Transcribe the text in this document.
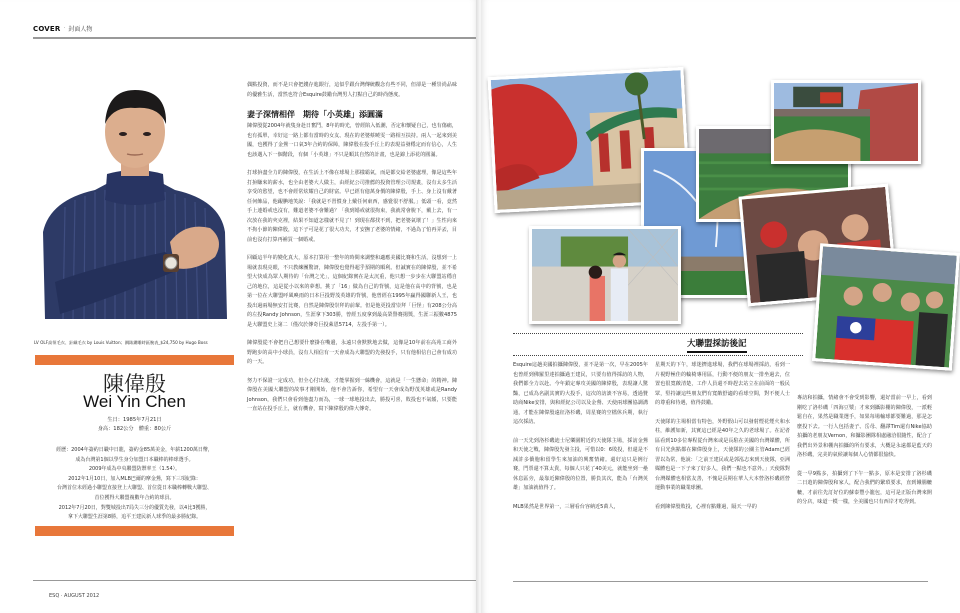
COVER · 封面人物
LV OLF高領毛衣、針織毛衣 by Louis Vuitton；鋼錶鏤雕時區腕表_$24,750 by Hugo Boss
陳偉殷
Wei Yin Chen
生日：1985年7月21日
身高：182公分　體重：80公斤
經歷：2004年簽約日職中日龍，簽約金85萬美金，年薪1200萬日幣，
成為台灣第1個以學生身分加盟日本職棒的棒球選手。
2009年成為中央聯盟防禦率王（1.54）。
2012年1月10日，加入MLB巴爾的摩金鶯，寫下三項紀錄：
台灣首位未經過小聯盟直接登上大聯盟、首位從日本職棒轉戰大聯盟、
首位獲得大聯盟複數年合約的球員。
2012年7月20日，對雙城投出7局失三分的優質先發，以4比3獲勝，
拿下大聯盟生涯第8勝，追平王建民新人球季的最多勝紀錄。

偶點投資，而不是只會把錢存進銀行，這似乎跟台灣傳統觀念有些不同，但卻是一種崇尚品味的優雅生活，當然也符合Esquire鼓勵台灣男人打點自己的時尚態度。

妻子深情相伴　期待「小英雄」添圓滿

陳偉殷從2004年就隻身赴日奮鬥，8年的時光，曾經陷入低潮，否定和懷疑自己，也有傷痛，也有孤單，幸好這一路上都有當時的女友、現在的老婆蔡曉雯一路相互扶持。兩人一起來到美國，也獲得了金鶯一口氣3年合約的保障，陳偉殷在投手丘上的表現益發穩定而有信心，人生也該邁入下一個階段，有個「小英雄」不只是順其自然的計畫，也是錦上添花的圓滿。

打球拚盡全力的陳偉殷，在生活上不像在球場上那樣霸氣，而是都交給老婆處理，像是這些年打拚賺來的薪水，也全由老婆大人做主，由經紀公司推薦的投資管理公司規畫，沒有太多生活享受的慾望，也不會經常炫耀自己的財富。早已經有億萬身價的陳偉殷，手上、身上沒有戴著任何飾品，他靦腆地笑說：「我就是不習慣身上戴任何東西，感覺很不舒服。」低頭一看，竟然手上連婚戒也沒有，難道老婆不會難過？「我到婚戒就很拘束，我就常會脫下，戴上去，有一次放在我的夾克裡，結果不知道怎樣就不見了！到現在都找不到，把老婆氣壞了！」生性向來不拘小節的陳偉殷，這下子可是花了很大功夫，才安撫了老婆的情緒，不過為了怕再弄丟，目前也沒有打算再補買一個婚戒。

回顧這半年的變化真大，原本打算用一整年的時間來調整和適應美國比賽和生活，沒想到一上場就表現亮眼，不只教練團驚訝，陳偉殷也覺得超乎預期的順利。但誠實在的陳偉殷，並不希望大快成為眾人期待的「台灣之光」，這個紀錄實在是太沉重，他只想一步步在大聯盟站穩自己的地位，這是從小以來的夢想。挑了「16」做為自己的背號，這是他在高中的背號，也是第一位在大聯盟呼風喚雨的日本巨投野茂英雄的背號，他曾經在1995年贏得國聯新人王，也投出過兩場無安打比賽，自然是陳偉殷崇拜的前輩。但是他更投當崇拜「巨怪」有208公分高的左投Randy Johnson，生涯拿下303勝，曾經五度拿到最高榮譽賽揚獎，生涯三振數4875是大聯盟史上第二（僅次於傳奇巨投萊恩5714，左投手第一）。

陳偉殷從不會把自己想要什麼掛在嘴邊，永遠只會默默地去做，這像是10年前在高苑工商外野跑步的高中小球員，沒有人相信有一天會成為大聯盟的先發投手，只有他相信自己會有成功的一天。

努力不保證一定成功，但全心付出後，才能掌握到一絲機會，這就是「一生懸命」的精神。陳偉殷在美國大聯盟的故事才剛開始，他不會告訴你，希望有一天會成為野茂英雄或是Randy Johnson，我們只會看到他盡力而為，一球一球地投出去，勝投可喜，敗投也不氣餒，只要能一直站在投手丘上，就有機會，寫下陳偉殷的偉大傳奇。

ESQ · AUGUST 2012
大聯盟採訪後記

Esquire這趟美國拍攝陳偉殷，並不是第一次，早在2005年也曾經到佛羅里達拍攝過王建民，只要有值得採訪的人物，我們都全力以赴。今年鎖定專攻美國的陳偉殷，表現讓人驚豔，已成為名副其實的大投手，這次的訪談不容易，透過贊助商Nike安排，與和經紀公司以及金鶯、天使兩球團協調溝通，才能在陳偉殷遠征洛杉磯，周星賽的空檔休兵期，執行這次採訪。

前一天先到洛杉磯迪士尼樂園附近的天使隊主場，採訪金鶯和天使之戰，陳偉殷先發主投，可惜以0：6敗投，但還是不減許多僑胞和留學生來加油的興奮情緒。還好這只是例行賽，門票還不算太貴，每個人只花了40美元，就能坐到一壘休息區旁，最靠近陳偉殷的位置，勝負其次，能為「台灣英雄」加油就值得了。

MLB果然是世界第一，三層看台容納近5萬人，

星期天的下午，球迷擠進球場，我們在球場裡採訪，看到一片視野極佳的輪椅專用區，行動不便的朋友一排坐過去，位置也很寬敞清楚，工作人員還不時趕去站立在前面的一般民眾，堅持讓這些朋友們有寬敞舒適的看球空間，對不便人士的尊重和待遇，值得鼓勵。

天使隊的主場相當有特色，外野假山可以發射煙花煙火和水柱，維護如新，其實這已經是40年之久的老球場了。在記者區看到10多位專程從台灣來或是長駐在美國的台灣媒體，所有目光焦點都在陳偉殷身上，天使隊的公關主管Adam已經習以為常，他說：「之前王建民或是郭泓志來到天使隊，亞洲媒體也是一下子來了好多人，我們一點也不意外。」天使隊對台灣媒體也相當友善，不愧是長期在華人大本營洛杉磯經營運動事業的職業球團。

看到陳偉殷敗投，心裡有點難過，隔天一早的

專訪和拍攝，情緒會不會受到影響，還好當前一早上，看到剛吃了洛杉磯「四海豆漿」才來到攝影棚的陳偉殷，一派輕鬆自在，果然是職業選手，如果每場輸球都要難過，那是怎麼投下去。一行人包括妻子、岳母、翻譯Tim還有Nike協助拍攝的老朋友Vernon，和攝影團隊相處融洽很隨性，配合了我們出外景和棚內拍攝的所有要求，大概是永遠都是藍天的洛杉磯，完美的氣候讓每個人心情都很愉快。

從一早9點多，拍攝到了下午一點多，原本是安排了洛杉磯二日遊的陳偉殷和家人，配合我們的繁瑣要求，直到餓腸轆轆，才前往先訂好位的蘇泰豐小籠包，這可是正版台灣來開的分店，味道一模一樣，全美國也只有西岸才吃得到。
